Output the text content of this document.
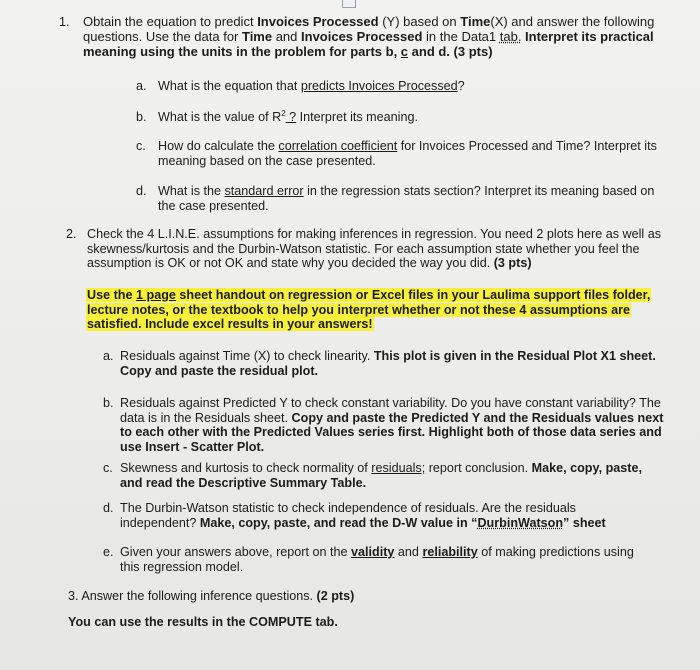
1. Obtain the equation to predict Invoices Processed (Y) based on Time(X) and answer the following questions. Use the data for Time and Invoices Processed in the Data1 tab. Interpret its practical meaning using the units in the problem for parts b, c and d. (3 pts)
a. What is the equation that predicts Invoices Processed?
b. What is the value of $R^2$ ? Interpret its meaning.
c. How do calculate the correlation coefficient for Invoices Processed and Time? Interpret its meaning based on the case presented.
d. What is the standard error in the regression stats section? Interpret its meaning based on the case presented.
2. Check the 4 L.I.N.E. assumptions for making inferences in regression. You need 2 plots here as well as skewness/kurtosis and the Durbin-Watson statistic. For each assumption state whether you feel the assumption is OK or not OK and state why you decided the way you did. (3 pts)
Use the 1 page sheet handout on regression or Excel files in your Laulima support files folder, lecture notes, or the textbook to help you interpret whether or not these 4 assumptions are satisfied. Include excel results in your answers!
a. Residuals against Time (X) to check linearity. This plot is given in the Residual Plot X1 sheet. Copy and paste the residual plot.
b. Residuals against Predicted Y to check constant variability. Do you have constant variability? The data is in the Residuals sheet. Copy and paste the Predicted Y and the Residuals values next to each other with the Predicted Values series first. Highlight both of those data series and use Insert - Scatter Plot.
c. Skewness and kurtosis to check normality of residuals; report conclusion. Make, copy, paste, and read the Descriptive Summary Table.
d. The Durbin-Watson statistic to check independence of residuals. Are the residuals independent? Make, copy, paste, and read the D-W value in “DurbinWatson” sheet
e. Given your answers above, report on the validity and reliability of making predictions using this regression model.
3. Answer the following inference questions. (2 pts)
You can use the results in the COMPUTE tab.
